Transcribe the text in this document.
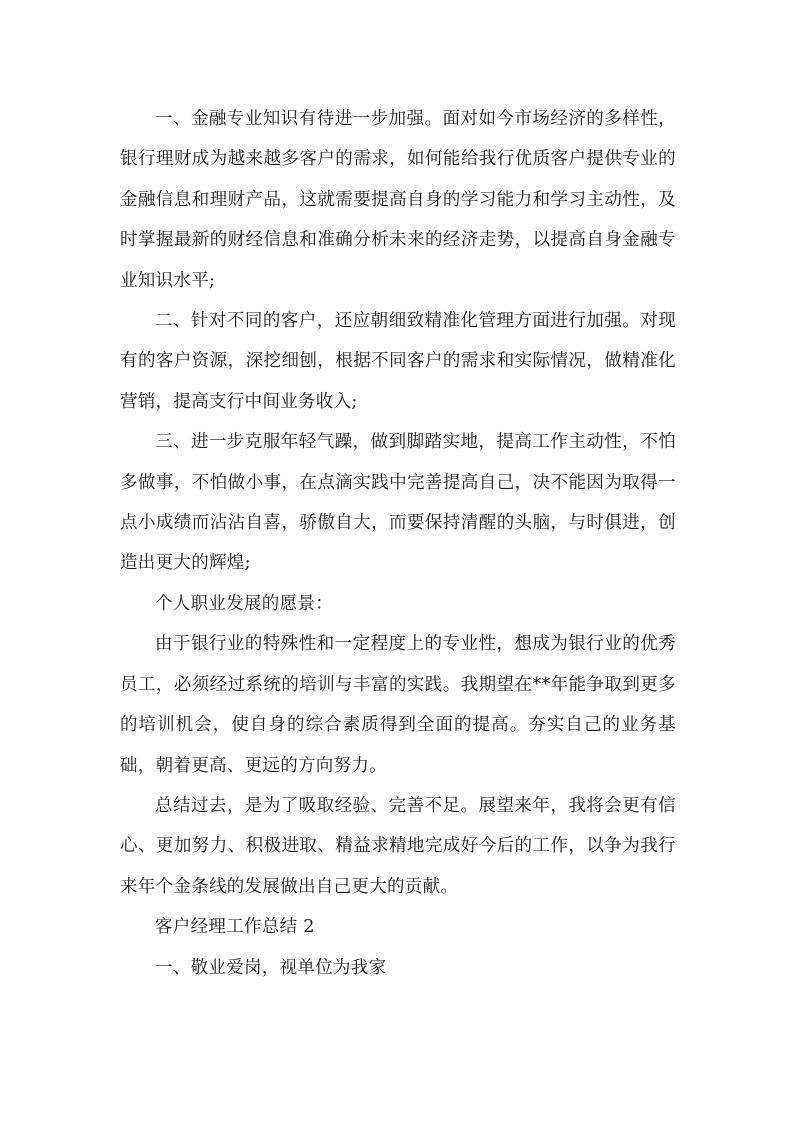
一、金融专业知识有待进一步加强。面对如今市场经济的多样性，银行理财成为越来越多客户的需求，如何能给我行优质客户提供专业的金融信息和理财产品，这就需要提高自身的学习能力和学习主动性，及时掌握最新的财经信息和准确分析未来的经济走势，以提高自身金融专业知识水平;

二、针对不同的客户，还应朝细致精准化管理方面进行加强。对现有的客户资源，深挖细刨，根据不同客户的需求和实际情况，做精准化营销，提高支行中间业务收入;

三、进一步克服年轻气躁，做到脚踏实地，提高工作主动性，不怕多做事，不怕做小事，在点滴实践中完善提高自己，决不能因为取得一点小成绩而沾沾自喜，骄傲自大，而要保持清醒的头脑，与时俱进，创造出更大的辉煌;

个人职业发展的愿景：

由于银行业的特殊性和一定程度上的专业性，想成为银行业的优秀员工，必须经过系统的培训与丰富的实践。我期望在**年能争取到更多的培训机会，使自身的综合素质得到全面的提高。夯实自己的业务基础，朝着更高、更远的方向努力。

总结过去，是为了吸取经验、完善不足。展望来年，我将会更有信心、更加努力、积极进取、精益求精地完成好今后的工作，以争为我行来年个金条线的发展做出自己更大的贡献。

客户经理工作总结 2

一、敬业爱岗，视单位为我家
